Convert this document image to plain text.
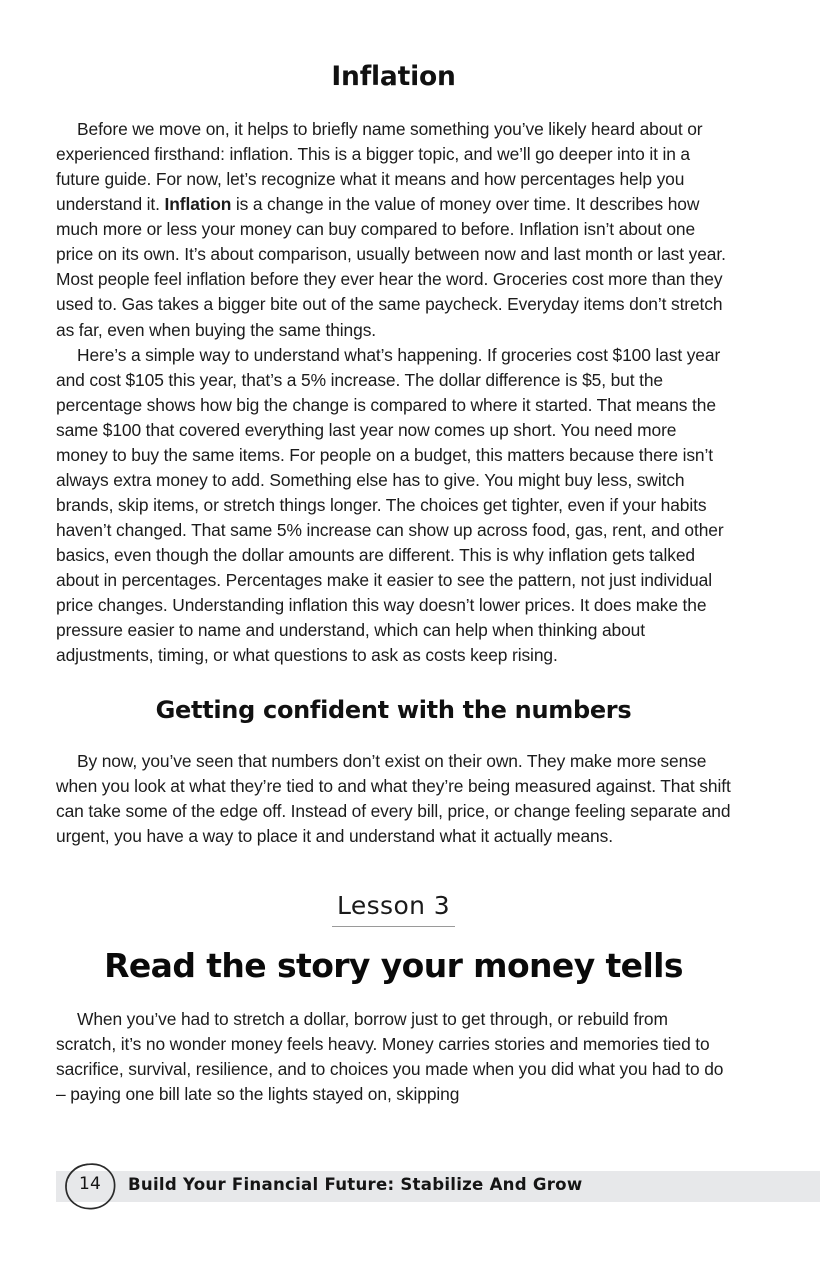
Inflation

Before we move on, it helps to briefly name something you’ve likely heard about or experienced firsthand: inflation. This is a bigger topic, and we’ll go deeper into it in a future guide. For now, let’s recognize what it means and how percentages help you understand it. Inflation is a change in the value of money over time. It describes how much more or less your money can buy compared to before. Inflation isn’t about one price on its own. It’s about comparison, usually between now and last month or last year. Most people feel inflation before they ever hear the word. Groceries cost more than they used to. Gas takes a bigger bite out of the same paycheck. Everyday items don’t stretch as far, even when buying the same things.

Here’s a simple way to understand what’s happening. If groceries cost $100 last year and cost $105 this year, that’s a 5% increase. The dollar difference is $5, but the percentage shows how big the change is compared to where it started. That means the same $100 that covered everything last year now comes up short. You need more money to buy the same items. For people on a budget, this matters because there isn’t always extra money to add. Something else has to give. You might buy less, switch brands, skip items, or stretch things longer. The choices get tighter, even if your habits haven’t changed. That same 5% increase can show up across food, gas, rent, and other basics, even though the dollar amounts are different. This is why inflation gets talked about in percentages. Percentages make it easier to see the pattern, not just individual price changes. Understanding inflation this way doesn’t lower prices. It does make the pressure easier to name and understand, which can help when thinking about adjustments, timing, or what questions to ask as costs keep rising.

Getting confident with the numbers

By now, you’ve seen that numbers don’t exist on their own. They make more sense when you look at what they’re tied to and what they’re being measured against. That shift can take some of the edge off. Instead of every bill, price, or change feeling separate and urgent, you have a way to place it and understand what it actually means.

Lesson 3
Read the story your money tells

When you’ve had to stretch a dollar, borrow just to get through, or rebuild from scratch, it’s no wonder money feels heavy. Money carries stories and memories tied to sacrifice, survival, resilience, and to choices you made when you did what you had to do – paying one bill late so the lights stayed on, skipping

14	Build Your Financial Future: Stabilize And Grow
